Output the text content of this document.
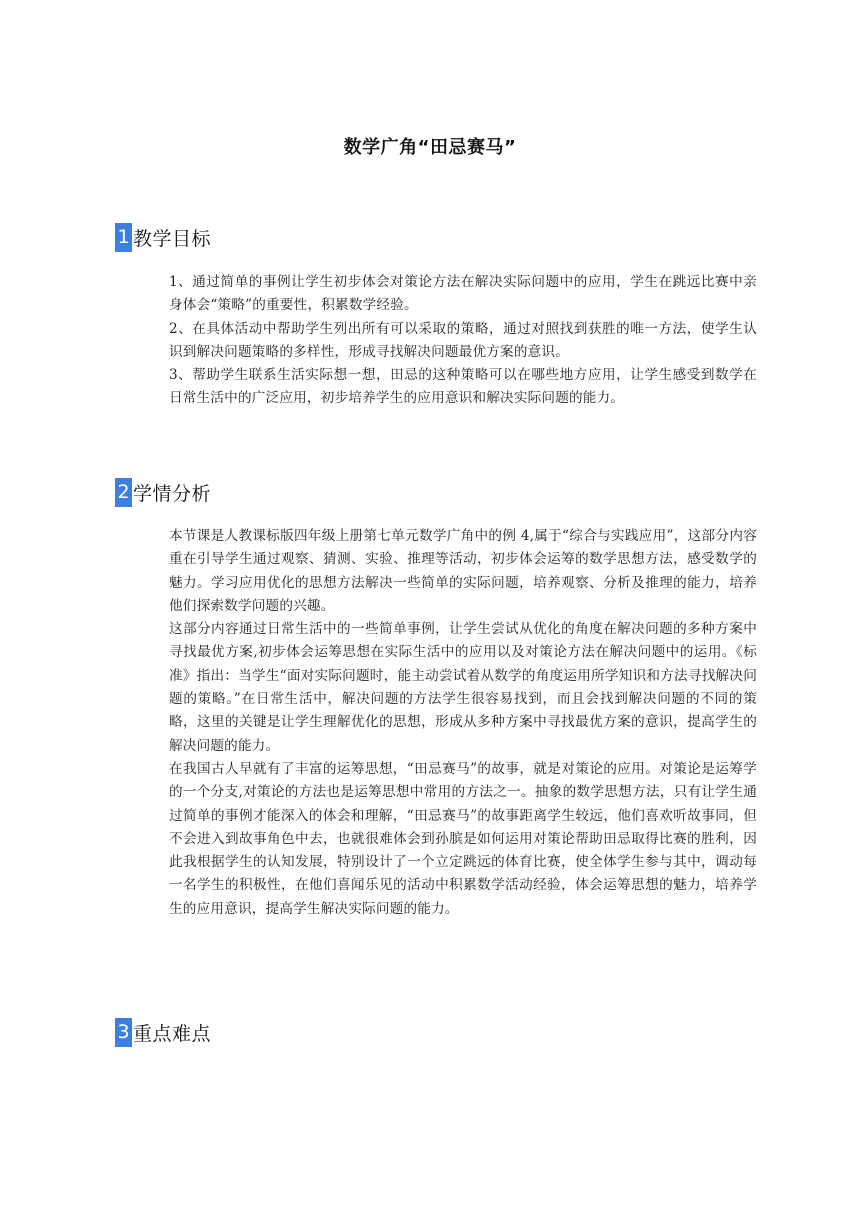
数学广角“田忌赛马”
1 教学目标

1、通过简单的事例让学生初步体会对策论方法在解决实际问题中的应用，学生在跳远比赛中亲身体会“策略”的重要性，积累数学经验。

2、在具体活动中帮助学生列出所有可以采取的策略，通过对照找到获胜的唯一方法，使学生认识到解决问题策略的多样性，形成寻找解决问题最优方案的意识。

3、帮助学生联系生活实际想一想，田忌的这种策略可以在哪些地方应用，让学生感受到数学在日常生活中的广泛应用，初步培养学生的应用意识和解决实际问题的能力。

2 学情分析

本节课是人教课标版四年级上册第七单元数学广角中的例 4,属于“综合与实践应用”，这部分内容重在引导学生通过观察、猜测、实验、推理等活动，初步体会运筹的数学思想方法，感受数学的魅力。学习应用优化的思想方法解决一些简单的实际问题，培养观察、分析及推理的能力，培养他们探索数学问题的兴趣。

这部分内容通过日常生活中的一些简单事例，让学生尝试从优化的角度在解决问题的多种方案中寻找最优方案,初步体会运筹思想在实际生活中的应用以及对策论方法在解决问题中的运用。《标准》指出：当学生“面对实际问题时，能主动尝试着从数学的角度运用所学知识和方法寻找解决问题的策略。”在日常生活中，解决问题的方法学生很容易找到，而且会找到解决问题的不同的策略，这里的关键是让学生理解优化的思想，形成从多种方案中寻找最优方案的意识，提高学生的解决问题的能力。

在我国古人早就有了丰富的运筹思想，“田忌赛马”的故事，就是对策论的应用。对策论是运筹学的一个分支,对策论的方法也是运筹思想中常用的方法之一。抽象的数学思想方法，只有让学生通过简单的事例才能深入的体会和理解，“田忌赛马”的故事距离学生较远，他们喜欢听故事同，但不会进入到故事角色中去，也就很难体会到孙膑是如何运用对策论帮助田忌取得比赛的胜利，因此我根据学生的认知发展，特别设计了一个立定跳远的体育比赛，使全体学生参与其中，调动每一名学生的积极性，在他们喜闻乐见的活动中积累数学活动经验，体会运筹思想的魅力，培养学生的应用意识，提高学生解决实际问题的能力。

3 重点难点
